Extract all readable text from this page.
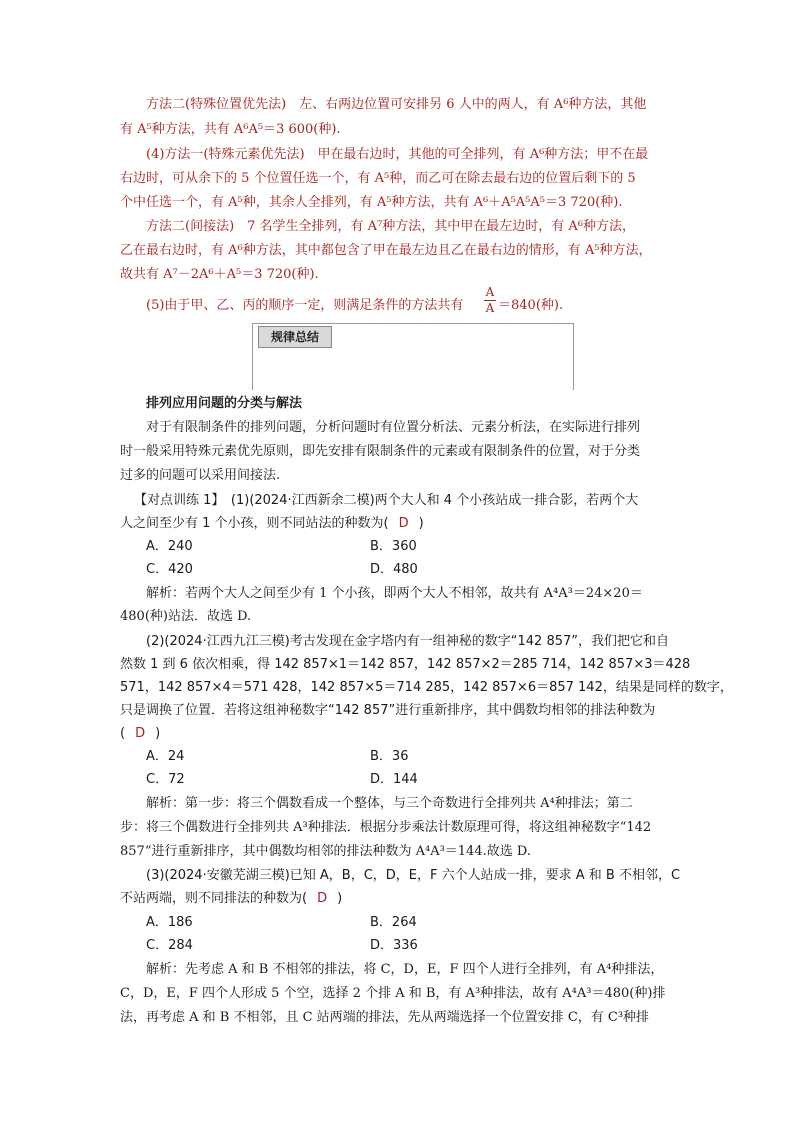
方法二(特殊位置优先法)　左、右两边位置可安排另 6 人中的两人，有 A⁶种方法，其他
有 A⁵种方法，共有 A⁶A⁵＝3 600(种).
(4)方法一(特殊元素优先法)　甲在最右边时，其他的可全排列，有 A⁶种方法；甲不在最
右边时，可从余下的 5 个位置任选一个，有 A⁵种，而乙可在除去最右边的位置后剩下的 5
个中任选一个，有 A⁵种，其余人全排列，有 A⁵种方法，共有 A⁶＋A⁵A⁵A⁵＝3 720(种).
方法二(间接法)　7 名学生全排列，有 A⁷种方法，其中甲在最左边时，有 A⁶种方法，
乙在最右边时，有 A⁶种方法，其中都包含了甲在最左边且乙在最右边的情形，有 A⁵种方法，
故共有 A⁷－2A⁶＋A⁵＝3 720(种).
(5)由于甲、乙、丙的顺序一定，则满足条件的方法共有
A
A ＝840(种).
规律总结
排列应用问题的分类与解法
对于有限制条件的排列问题，分析问题时有位置分析法、元素分析法，在实际进行排列
时一般采用特殊元素优先原则，即先安排有限制条件的元素或有限制条件的位置，对于分类
过多的问题可以采用间接法.
【对点训练 1】　(1)(2024·江西新余二模)两个大人和 4 个小孩站成一排合影，若两个大
人之间至少有 1 个小孩，则不同站法的种数为( D )
A．240	B．360
C．420	D．480
解析：若两个大人之间至少有 1 个小孩，即两个大人不相邻，故共有 A⁴A³＝24×20＝
480(种)站法．故选 D.
(2)(2024·江西九江三模)考古发现在金字塔内有一组神秘的数字“142 857”，我们把它和自
然数 1 到 6 依次相乘，得 142 857×1＝142 857，142 857×2＝285 714，142 857×3＝428
571，142 857×4＝571 428，142 857×5＝714 285，142 857×6＝857 142，结果是同样的数字，
只是调换了位置．若将这组神秘数字“142 857”进行重新排序，其中偶数均相邻的排法种数为
( D )
A．24	B．36
C．72	D．144
解析：第一步：将三个偶数看成一个整体，与三个奇数进行全排列共 A⁴种排法；第二
步：将三个偶数进行全排列共 A³种排法．根据分步乘法计数原理可得，将这组神秘数字“142
857”进行重新排序，其中偶数均相邻的排法种数为 A⁴A³＝144.故选 D.
(3)(2024·安徽芜湖三模)已知 A，B，C，D，E，F 六个人站成一排，要求 A 和 B 不相邻，C
不站两端，则不同排法的种数为( D )
A．186	B．264
C．284	D．336
解析：先考虑 A 和 B 不相邻的排法，将 C，D，E，F 四个人进行全排列，有 A⁴种排法，
C，D，E，F 四个人形成 5 个空，选择 2 个排 A 和 B，有 A³种排法，故有 A⁴A³＝480(种)排
法，再考虑 A 和 B 不相邻，且 C 站两端的排法，先从两端选择一个位置安排 C，有 C³种排
